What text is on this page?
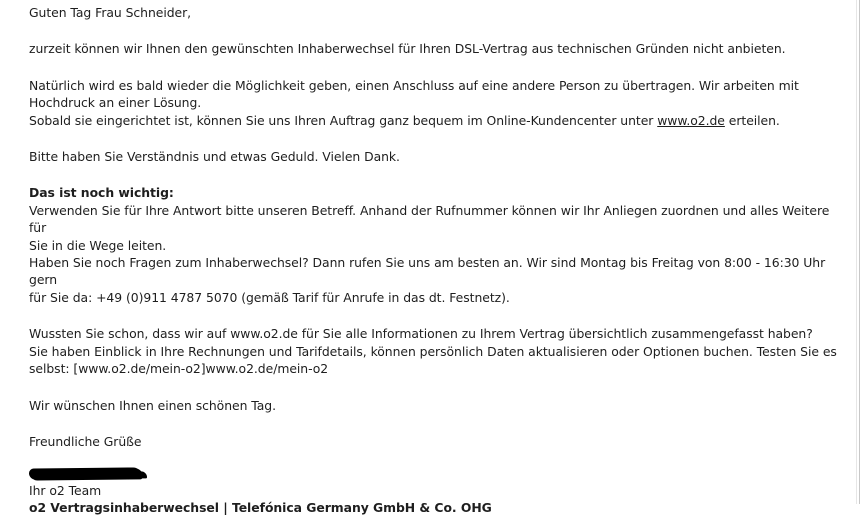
Guten Tag Frau Schneider,

zurzeit können wir Ihnen den gewünschten Inhaberwechsel für Ihren DSL-Vertrag aus technischen Gründen nicht anbieten.

Natürlich wird es bald wieder die Möglichkeit geben, einen Anschluss auf eine andere Person zu übertragen. Wir arbeiten mit

Hochdruck an einer Lösung.

Sobald sie eingerichtet ist, können Sie uns Ihren Auftrag ganz bequem im Online-Kundencenter unter www.o2.de erteilen.

Bitte haben Sie Verständnis und etwas Geduld. Vielen Dank.

Das ist noch wichtig:

Verwenden Sie für Ihre Antwort bitte unseren Betreff. Anhand der Rufnummer können wir Ihr Anliegen zuordnen und alles Weitere für

Sie in die Wege leiten.

Haben Sie noch Fragen zum Inhaberwechsel? Dann rufen Sie uns am besten an. Wir sind Montag bis Freitag von 8:00 - 16:30 Uhr gern

für Sie da: +49 (0)911 4787 5070 (gemäß Tarif für Anrufe in das dt. Festnetz).

Wussten Sie schon, dass wir auf www.o2.de für Sie alle Informationen zu Ihrem Vertrag übersichtlich zusammengefasst haben?

Sie haben Einblick in Ihre Rechnungen und Tarifdetails, können persönlich Daten aktualisieren oder Optionen buchen. Testen Sie es

selbst: [www.o2.de/mein-o2]www.o2.de/mein-o2

Wir wünschen Ihnen einen schönen Tag.

Freundliche Grüße

Ihr o2 Team

o2 Vertragsinhaberwechsel | Telefónica Germany GmbH & Co. OHG
